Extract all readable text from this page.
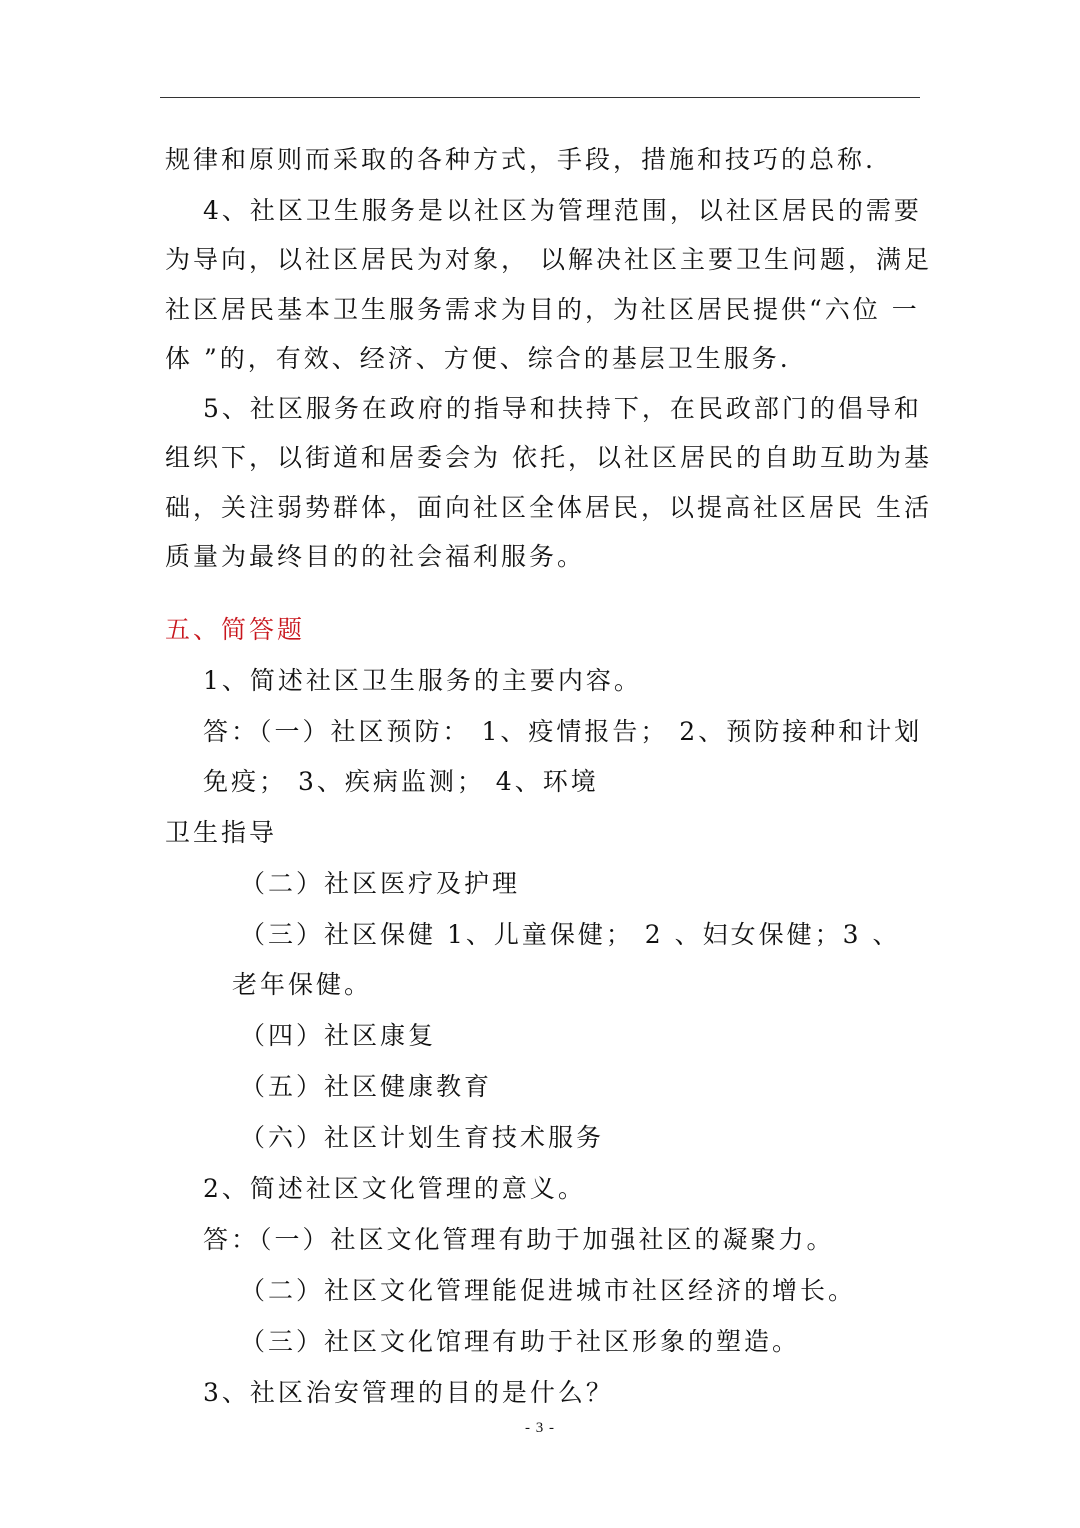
规律和原则而采取的各种方式，手段，措施和技巧的总称.
4、社区卫生服务是以社区为管理范围，以社区居民的需要
为导向，以社区居民为对象， 以解决社区主要卫生问题，满足
社区居民基本卫生服务需求为目的，为社区居民提供“六位 一
体 ”的，有效、经济、方便、综合的基层卫生服务.
5、社区服务在政府的指导和扶持下，在民政部门的倡导和
组织下，以街道和居委会为 依托，以社区居民的自助互助为基
础，关注弱势群体，面向社区全体居民，以提高社区居民 生活
质量为最终目的的社会福利服务。
五、简答题
1、简述社区卫生服务的主要内容。
答：（一）社区预防： 1、疫情报告； 2、预防接种和计划
免疫； 3、疾病监测； 4、环境
卫生指导
（二）社区医疗及护理
（三）社区保健 1、儿童保健； 2 、妇女保健；3 、
老年保健。
（四）社区康复
（五）社区健康教育
（六）社区计划生育技术服务
2、简述社区文化管理的意义。
答：（一）社区文化管理有助于加强社区的凝聚力。
（二）社区文化管理能促进城市社区经济的增长。
（三）社区文化馆理有助于社区形象的塑造。
3、社区治安管理的目的是什么？
- 3 -
